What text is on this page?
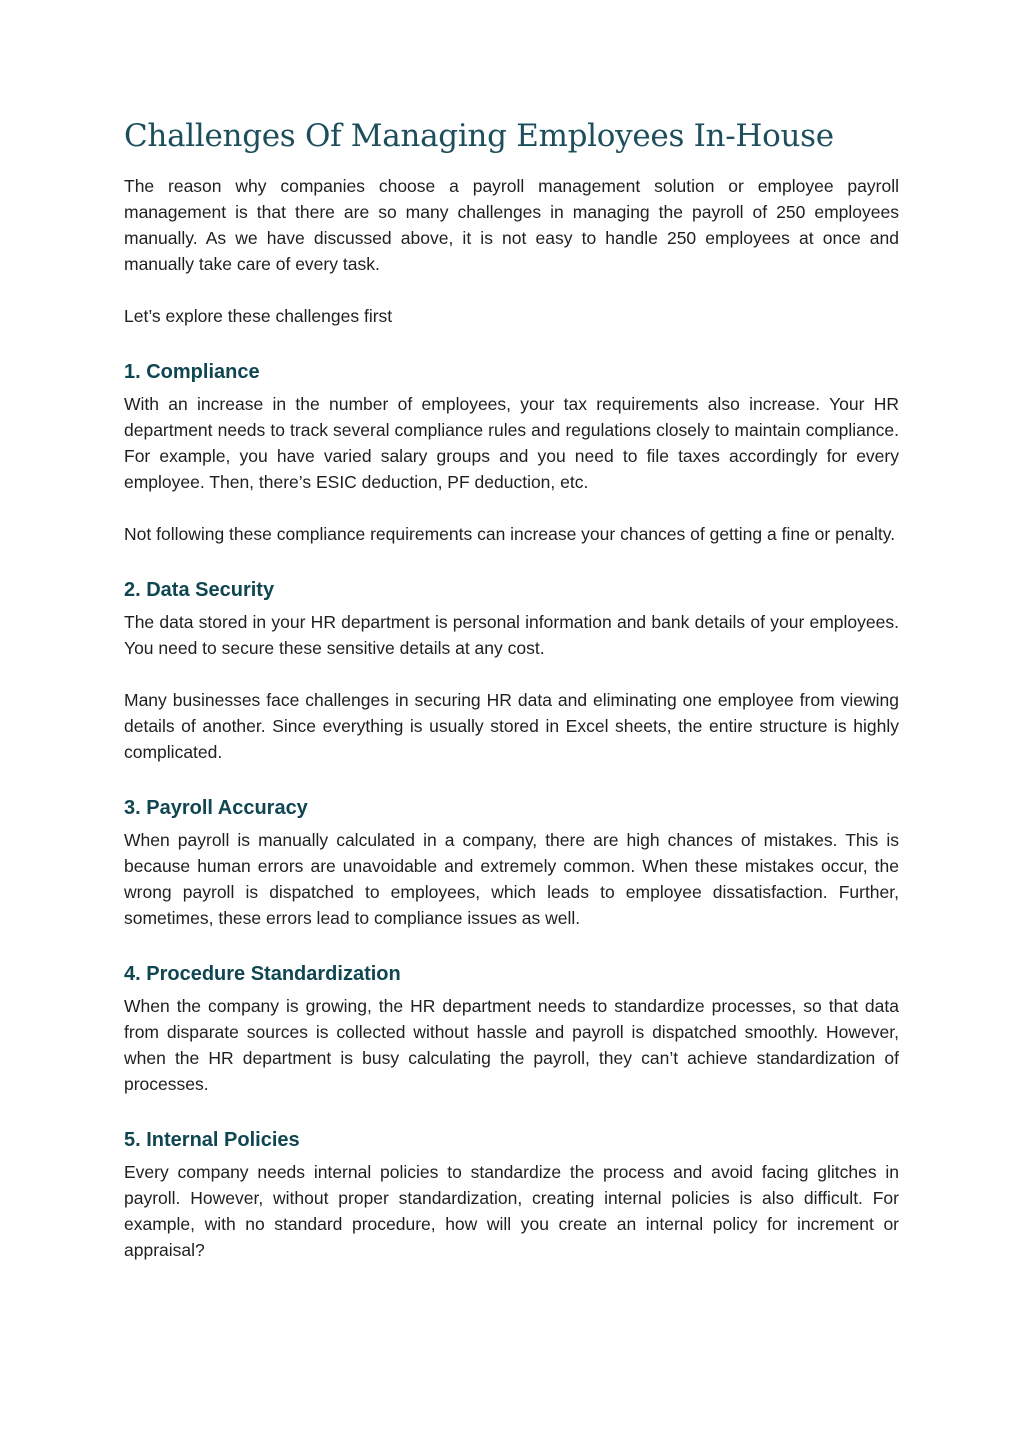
Challenges Of Managing Employees In-House

The reason why companies choose a payroll management solution or employee payroll management is that there are so many challenges in managing the payroll of 250 employees manually. As we have discussed above, it is not easy to handle 250 employees at once and manually take care of every task.

Let’s explore these challenges first

1. Compliance

With an increase in the number of employees, your tax requirements also increase. Your HR department needs to track several compliance rules and regulations closely to maintain compliance. For example, you have varied salary groups and you need to file taxes accordingly for every employee. Then, there’s ESIC deduction, PF deduction, etc.

Not following these compliance requirements can increase your chances of getting a fine or penalty.

2. Data Security

The data stored in your HR department is personal information and bank details of your employees. You need to secure these sensitive details at any cost.

Many businesses face challenges in securing HR data and eliminating one employee from viewing details of another. Since everything is usually stored in Excel sheets, the entire structure is highly complicated.

3. Payroll Accuracy

When payroll is manually calculated in a company, there are high chances of mistakes. This is because human errors are unavoidable and extremely common. When these mistakes occur, the wrong payroll is dispatched to employees, which leads to employee dissatisfaction. Further, sometimes, these errors lead to compliance issues as well.

4. Procedure Standardization

When the company is growing, the HR department needs to standardize processes, so that data from disparate sources is collected without hassle and payroll is dispatched smoothly. However, when the HR department is busy calculating the payroll, they can’t achieve standardization of processes.

5. Internal Policies

Every company needs internal policies to standardize the process and avoid facing glitches in payroll. However, without proper standardization, creating internal policies is also difficult. For example, with no standard procedure, how will you create an internal policy for increment or appraisal?
